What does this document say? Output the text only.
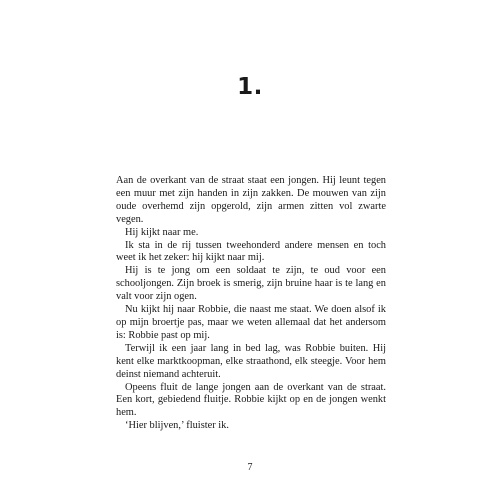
1.

Aan de overkant van de straat staat een jongen. Hij leunt tegen een muur met zijn handen in zijn zakken. De mouwen van zijn oude overhemd zijn opgerold, zijn armen zitten vol zwarte vegen.

Hij kijkt naar me.

Ik sta in de rij tussen tweehonderd andere mensen en toch weet ik het zeker: hij kijkt naar mij.

Hij is te jong om een soldaat te zijn, te oud voor een schooljongen. Zijn broek is smerig, zijn bruine haar is te lang en valt voor zijn ogen.

Nu kijkt hij naar Robbie, die naast me staat. We doen alsof ik op mijn broertje pas, maar we weten allemaal dat het andersom is: Robbie past op mij.

Terwijl ik een jaar lang in bed lag, was Robbie buiten. Hij kent elke marktkoopman, elke straathond, elk steegje. Voor hem deinst niemand achteruit.

Opeens fluit de lange jongen aan de overkant van de straat. Een kort, gebiedend fluitje. Robbie kijkt op en de jongen wenkt hem.

‘Hier blijven,’ fluister ik.

7
